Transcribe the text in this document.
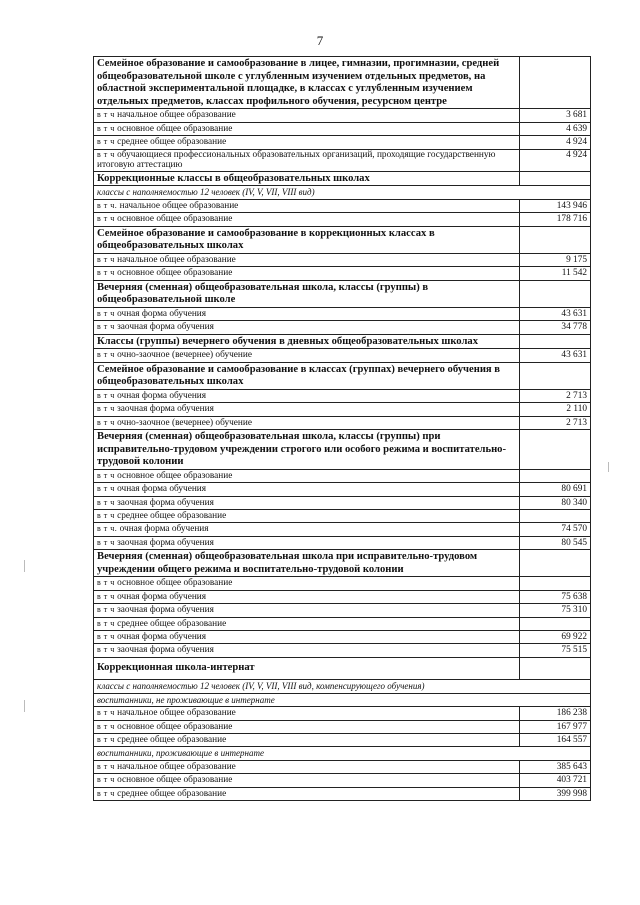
7
Семейное образование и самообразование в лицее, гимназии, прогимназии, средней общеобразовательной школе с углубленным изучением отдельных предметов, на областной экспериментальной площадке, в классах с углубленным изучением отдельных предметов, классах профильного обучения, ресурсном центре	
в т ч начальное общее образование	3 681
в т ч основное общее образование	4 639
в т ч среднее общее образование	4 924
в т ч обучающиеся профессиональных образовательных организаций, проходящие государственную итоговую аттестацию	4 924
Коррекционные классы в общеобразовательных школах	
классы с наполняемостью 12 человек (IV, V, VII, VIII вид)	
в т ч. начальное общее образование	143 946
в т ч основное общее образование	178 716
Семейное образование и самообразование в коррекционных классах в общеобразовательных школах	
в т ч начальное общее образование	9 175
в т ч основное общее образование	11 542
Вечерняя (сменная) общеобразовательная школа, классы (группы) в общеобразовательной школе	
в т ч очная форма обучения	43 631
в т ч заочная форма обучения	34 778
Классы (группы) вечернего обучения в дневных общеобразовательных школах	
в т ч очно-заочное (вечернее) обучение	43 631
Семейное образование и самообразование в классах (группах) вечернего обучения в общеобразовательных школах	
в т ч очная форма обучения	2 713
в т ч заочная форма обучения	2 110
в т ч очно-заочное (вечернее) обучение	2 713
Вечерняя (сменная) общеобразовательная школа, классы (группы) при исправительно-трудовом учреждении строгого или особого режима и воспитательно-трудовой колонии	
в т ч основное общее образование	
в т ч очная форма обучения	80 691
в т ч заочная форма обучения	80 340
в т ч среднее общее образование	
в т ч. очная форма обучения	74 570
в т ч заочная форма обучения	80 545
Вечерняя (сменная) общеобразовательная школа при исправительно-трудовом учреждении общего режима и воспитательно-трудовой колонии	
в т ч основное общее образование	
в т ч очная форма обучения	75 638
в т ч заочная форма обучения	75 310
в т ч среднее общее образование	
в т ч очная форма обучения	69 922
в т ч заочная форма обучения	75 515
Коррекционная школа-интернат	
классы с наполняемостью 12 человек (IV, V, VII, VIII вид, компенсирующего обучения)	
воспитанники, не проживающие в интернате	
в т ч начальное общее образование	186 238
в т ч основное общее образование	167 977
в т ч среднее общее образование	164 557
воспитанники, проживающие в интернате	
в т ч начальное общее образование	385 643
в т ч основное общее образование	403 721
в т ч среднее общее образование	399 998
